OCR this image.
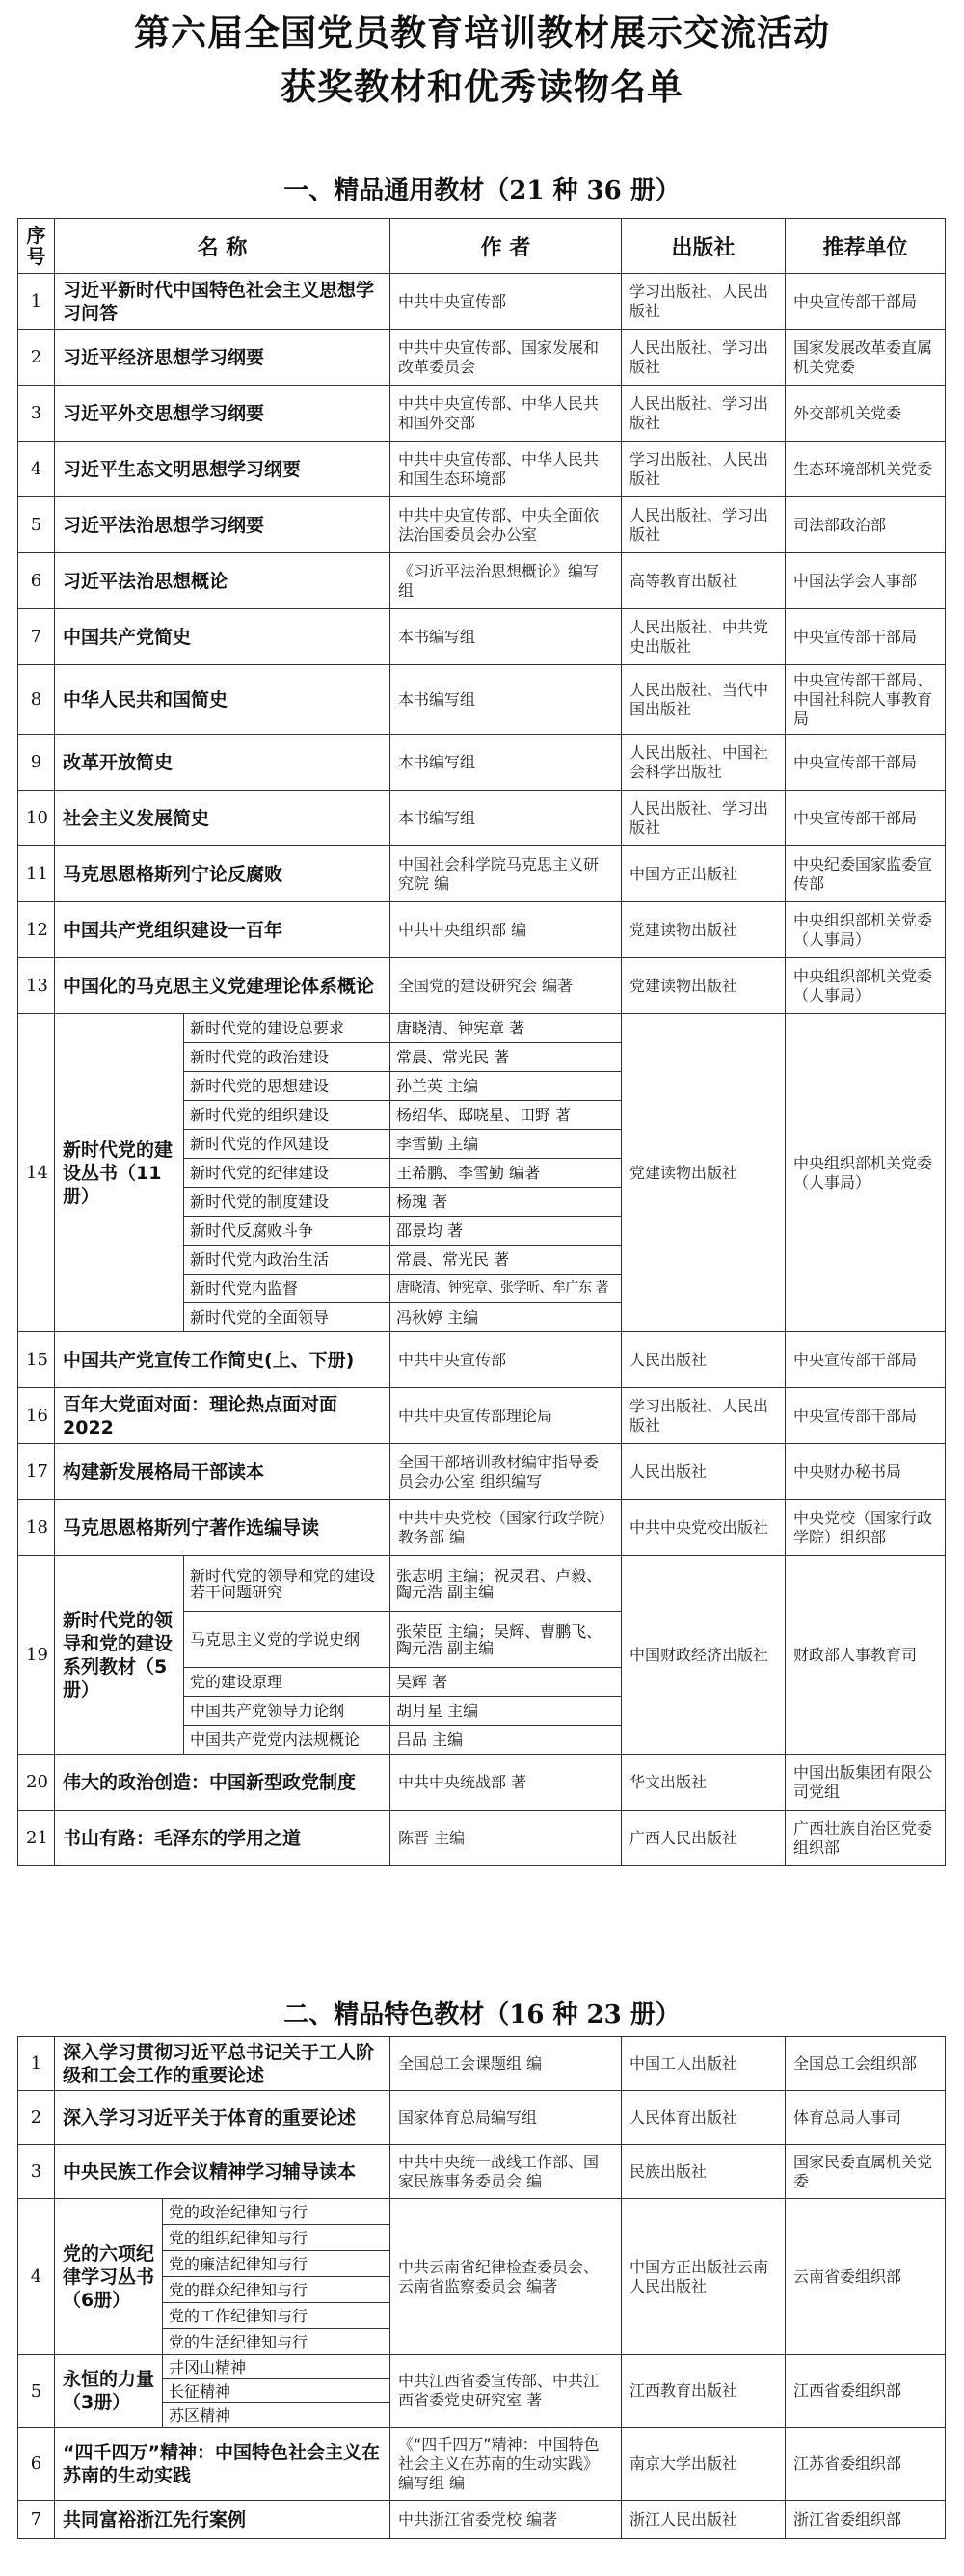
第六届全国党员教育培训教材展示交流活动
获奖教材和优秀读物名单
一、精品通用教材（21 种 36 册）
序号	名 称		作 者	出版社	推荐单位
1	习近平新时代中国特色社会主义思想学习问答		中共中央宣传部	学习出版社、人民出版社	中央宣传部干部局
2	习近平经济思想学习纲要		中共中央宣传部、国家发展和改革委员会	人民出版社、学习出版社	国家发展改革委直属机关党委
3	习近平外交思想学习纲要		中共中央宣传部、中华人民共和国外交部	人民出版社、学习出版社	外交部机关党委
4	习近平生态文明思想学习纲要		中共中央宣传部、中华人民共和国生态环境部	学习出版社、人民出版社	生态环境部机关党委
5	习近平法治思想学习纲要		中共中央宣传部、中央全面依法治国委员会办公室	人民出版社、学习出版社	司法部政治部
6	习近平法治思想概论		《习近平法治思想概论》编写组	高等教育出版社	中国法学会人事部
7	中国共产党简史		本书编写组	人民出版社、中共党史出版社	中央宣传部干部局
8	中华人民共和国简史		本书编写组	人民出版社、当代中国出版社	中央宣传部干部局、中国社科院人事教育局
9	改革开放简史		本书编写组	人民出版社、中国社会科学出版社	中央宣传部干部局
10	社会主义发展简史		本书编写组	人民出版社、学习出版社	中央宣传部干部局
11	马克思恩格斯列宁论反腐败		中国社会科学院马克思主义研究院 编	中国方正出版社	中央纪委国家监委宣传部
12	中国共产党组织建设一百年		中共中央组织部 编	党建读物出版社	中央组织部机关党委（人事局）
13	中国化的马克思主义党建理论体系概论		全国党的建设研究会 编著	党建读物出版社	中央组织部机关党委（人事局）
14	新时代党的建设丛书（11册）	新时代党的建设总要求	唐晓清、钟宪章 著	党建读物出版社	中央组织部机关党委（人事局）
		新时代党的政治建设	常晨、常光民 著		
		新时代党的思想建设	孙兰英 主编		
		新时代党的组织建设	杨绍华、邸晓星、田野 著		
		新时代党的作风建设	李雪勤 主编		
		新时代党的纪律建设	王希鹏、李雪勤 编著		
		新时代党的制度建设	杨瑰 著		
		新时代反腐败斗争	邵景均 著		
		新时代党内政治生活	常晨、常光民 著		
		新时代党内监督	唐晓清、钟宪章、张学昕、牟广东 著		
		新时代党的全面领导	冯秋婷 主编		
15	中国共产党宣传工作简史(上、下册)		中共中央宣传部	人民出版社	中央宣传部干部局
16	百年大党面对面：理论热点面对面 2022		中共中央宣传部理论局	学习出版社、人民出版社	中央宣传部干部局
17	构建新发展格局干部读本		全国干部培训教材编审指导委员会办公室 组织编写	人民出版社	中央财办秘书局
18	马克思恩格斯列宁著作选编导读		中共中央党校（国家行政学院）教务部 编	中共中央党校出版社	中央党校（国家行政学院）组织部
19	新时代党的领导和党的建设系列教材（5册）	新时代党的领导和党的建设若干问题研究	张志明 主编；祝灵君、卢毅、陶元浩 副主编	中国财政经济出版社	财政部人事教育司
		马克思主义党的学说史纲	张荣臣 主编；吴辉、曹鹏飞、陶元浩 副主编		
		党的建设原理	吴辉 著		
		中国共产党领导力论纲	胡月星 主编		
		中国共产党党内法规概论	吕品 主编		
20	伟大的政治创造：中国新型政党制度		中共中央统战部 著	华文出版社	中国出版集团有限公司党组
21	书山有路：毛泽东的学用之道		陈晋 主编	广西人民出版社	广西壮族自治区党委组织部
二、精品特色教材（16 种 23 册）
1	深入学习贯彻习近平总书记关于工人阶级和工会工作的重要论述		全国总工会课题组 编	中国工人出版社	全国总工会组织部
2	深入学习习近平关于体育的重要论述		国家体育总局编写组	人民体育出版社	体育总局人事司
3	中央民族工作会议精神学习辅导读本		中共中央统一战线工作部、国家民族事务委员会 编	民族出版社	国家民委直属机关党委
4	党的六项纪律学习丛书（6册）	党的政治纪律知与行	中共云南省纪律检查委员会、云南省监察委员会 编著	中国方正出版社云南人民出版社	云南省委组织部
		党的组织纪律知与行			
		党的廉洁纪律知与行			
		党的群众纪律知与行			
		党的工作纪律知与行			
		党的生活纪律知与行			
5	永恒的力量（3册）	井冈山精神	中共江西省委宣传部、中共江西省委党史研究室 著	江西教育出版社	江西省委组织部
		长征精神			
		苏区精神			
6	“四千四万”精神：中国特色社会主义在苏南的生动实践		《“四千四万”精神：中国特色社会主义在苏南的生动实践》编写组 编	南京大学出版社	江苏省委组织部
7	共同富裕浙江先行案例		中共浙江省委党校 编著	浙江人民出版社	浙江省委组织部
